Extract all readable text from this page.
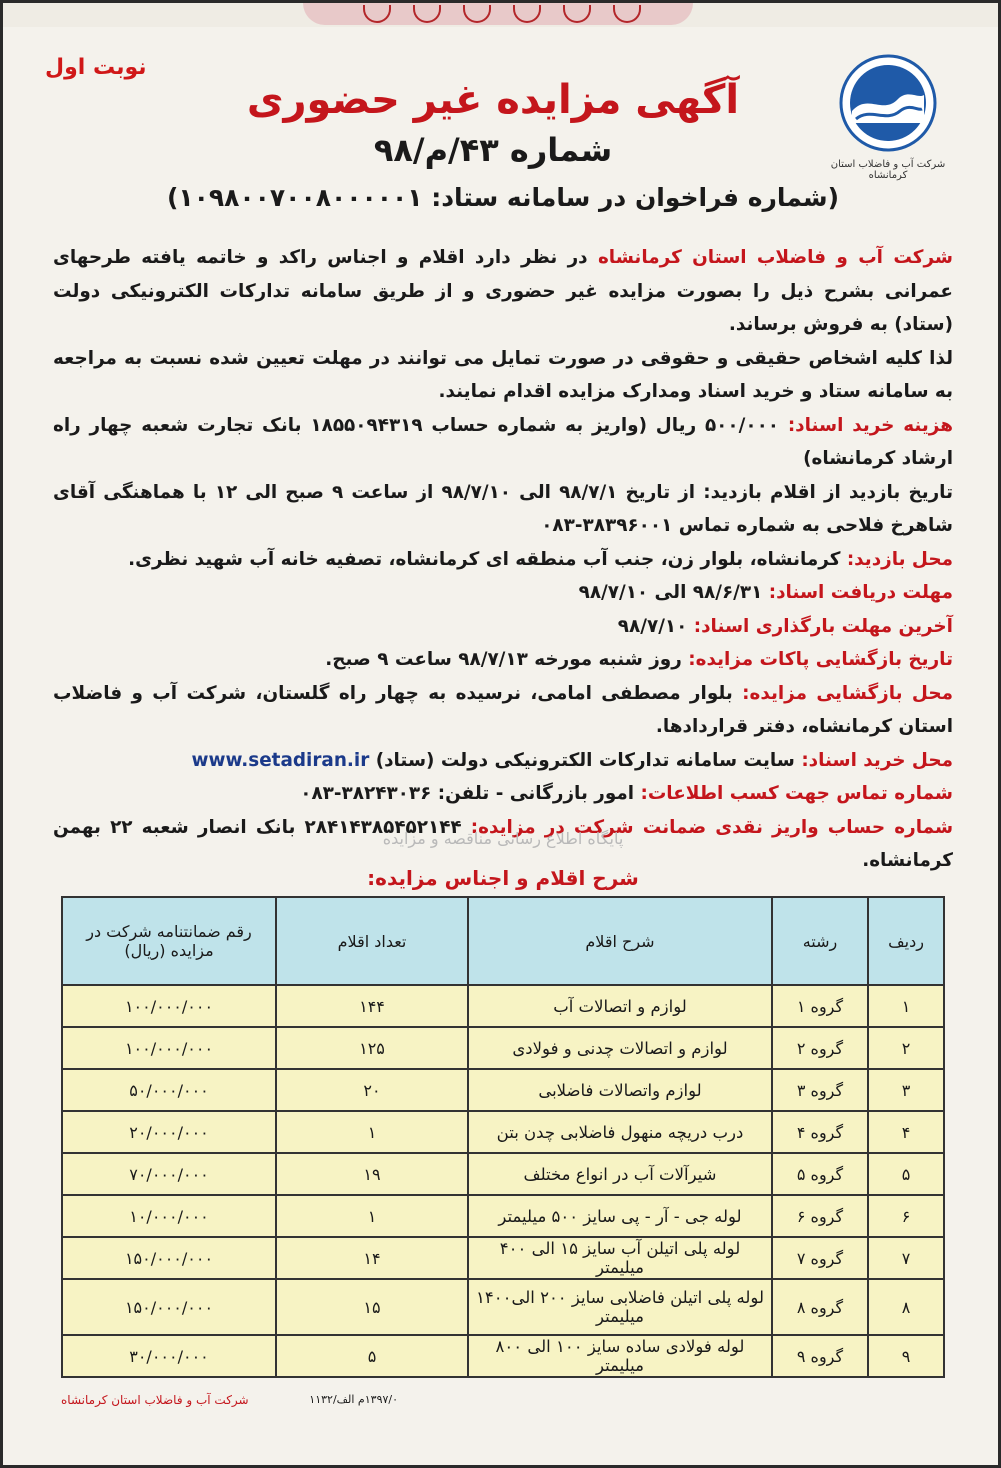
نوبت اول
شرکت آب و فاضلاب استان کرمانشاه
آگهی مزایده غیر حضوری
شماره ۴۳/م/۹۸
(شماره فراخوان در سامانه ستاد: ۱۰۹۸۰۰۷۰۰۸۰۰۰۰۰۱)

شرکت آب و فاضلاب استان کرمانشاه در نظر دارد اقلام و اجناس راکد و خاتمه یافته طرحهای عمرانی بشرح ذیل را بصورت مزایده غیر حضوری و از طریق سامانه تدارکات الکترونیکی دولت (ستاد) به فروش برساند.

لذا کلیه اشخاص حقیقی و حقوقی در صورت تمایل می توانند در مهلت تعیین شده نسبت به مراجعه به سامانه ستاد و خرید اسناد ومدارک مزایده اقدام نمایند.

هزینه خرید اسناد: ۵۰۰/۰۰۰ ریال (واریز به شماره حساب ۱۸۵۵۰۹۴۳۱۹ بانک تجارت شعبه چهار راه ارشاد کرمانشاه)

تاریخ بازدید از اقلام بازدید: از تاریخ ۹۸/۷/۱ الی ۹۸/۷/۱۰ از ساعت ۹ صبح الی ۱۲ با هماهنگی آقای شاهرخ فلاحی به شماره تماس ۳۸۳۹۶۰۰۱-۰۸۳

محل بازدید: کرمانشاه، بلوار زن، جنب آب منطقه ای کرمانشاه، تصفیه خانه آب شهید نظری.

مهلت دریافت اسناد: ۹۸/۶/۳۱ الی ۹۸/۷/۱۰

آخرین مهلت بارگذاری اسناد: ۹۸/۷/۱۰

تاریخ بازگشایی پاکات مزایده: روز شنبه مورخه ۹۸/۷/۱۳ ساعت ۹ صبح.

محل بازگشایی مزایده: بلوار مصطفی امامی، نرسیده به چهار راه گلستان، شرکت آب و فاضلاب استان کرمانشاه، دفتر قراردادها.

محل خرید اسناد: سایت سامانه تدارکات الکترونیکی دولت (ستاد) www.setadiran.ir

شماره تماس جهت کسب اطلاعات: امور بازرگانی - تلفن: ۳۸۲۴۳۰۳۶-۰۸۳

شماره حساب واریز نقدی ضمانت شرکت در مزایده: ۲۸۴۱۴۳۸۵۴۵۲۱۴۴ بانک انصار شعبه ۲۲ بهمن کرمانشاه.

پایگاه اطلاع رسانی مناقصه و مزایده
شرح اقلام و اجناس مزایده:
ردیف	رشته	شرح اقلام	تعداد اقلام	رقم ضمانتنامه شرکت در مزایده (ریال)
۱	گروه ۱	لوازم و اتصالات آب	۱۴۴	۱۰۰/۰۰۰/۰۰۰
۲	گروه ۲	لوازم و اتصالات چدنی و فولادی	۱۲۵	۱۰۰/۰۰۰/۰۰۰
۳	گروه ۳	لوازم واتصالات فاضلابی	۲۰	۵۰/۰۰۰/۰۰۰
۴	گروه ۴	درب دریچه منهول فاضلابی چدن بتن	۱	۲۰/۰۰۰/۰۰۰
۵	گروه ۵	شیرآلات آب در انواع مختلف	۱۹	۷۰/۰۰۰/۰۰۰
۶	گروه ۶	لوله جی - آر - پی سایز ۵۰۰ میلیمتر	۱	۱۰/۰۰۰/۰۰۰
۷	گروه ۷	لوله پلی اتیلن آب سایز ۱۵ الی ۴۰۰ میلیمتر	۱۴	۱۵۰/۰۰۰/۰۰۰
۸	گروه ۸	لوله پلی اتیلن فاضلابی سایز ۲۰۰ الی۱۴۰۰ میلیمتر	۱۵	۱۵۰/۰۰۰/۰۰۰
۹	گروه ۹	لوله فولادی ساده سایز ۱۰۰ الی ۸۰۰ میلیمتر	۵	۳۰/۰۰۰/۰۰۰
شرکت آب و فاضلاب استان کرمانشاه	۱۳۹۷/۰م الف/۱۱۳۲
